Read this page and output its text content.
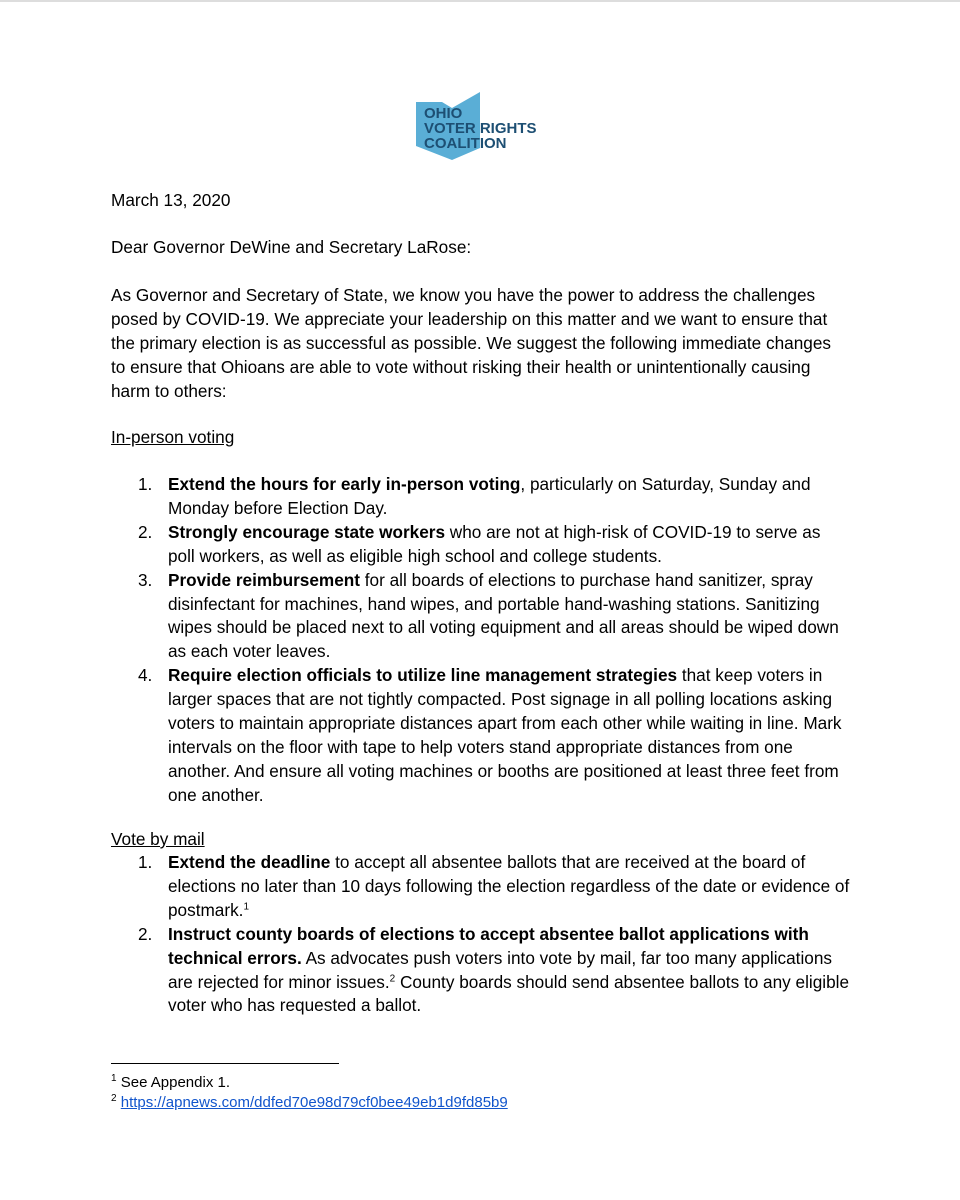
OHIO
VOTER RIGHTS
COALITION
March 13, 2020
Dear Governor DeWine and Secretary LaRose:
As Governor and Secretary of State, we know you have the power to address the challenges posed by COVID-19. We appreciate your leadership on this matter and we want to ensure that the primary election is as successful as possible. We suggest the following immediate changes to ensure that Ohioans are able to vote without risking their health or unintentionally causing harm to others:
In-person voting
1. Extend the hours for early in-person voting, particularly on Saturday, Sunday and Monday before Election Day.
2. Strongly encourage state workers who are not at high-risk of COVID-19 to serve as poll workers, as well as eligible high school and college students.
3. Provide reimbursement for all boards of elections to purchase hand sanitizer, spray disinfectant for machines, hand wipes, and portable hand-washing stations. Sanitizing wipes should be placed next to all voting equipment and all areas should be wiped down as each voter leaves.
4. Require election officials to utilize line management strategies that keep voters in larger spaces that are not tightly compacted. Post signage in all polling locations asking voters to maintain appropriate distances apart from each other while waiting in line. Mark intervals on the floor with tape to help voters stand appropriate distances from one another. And ensure all voting machines or booths are positioned at least three feet from one another.
Vote by mail
1. Extend the deadline to accept all absentee ballots that are received at the board of elections no later than 10 days following the election regardless of the date or evidence of postmark.$^1$
2. Instruct county boards of elections to accept absentee ballot applications with technical errors. As advocates push voters into vote by mail, far too many applications are rejected for minor issues.$^2$ County boards should send absentee ballots to any eligible voter who has requested a ballot.
$^1$ See Appendix 1.
$^2$ https://apnews.com/ddfed70e98d79cf0bee49eb1d9fd85b9
